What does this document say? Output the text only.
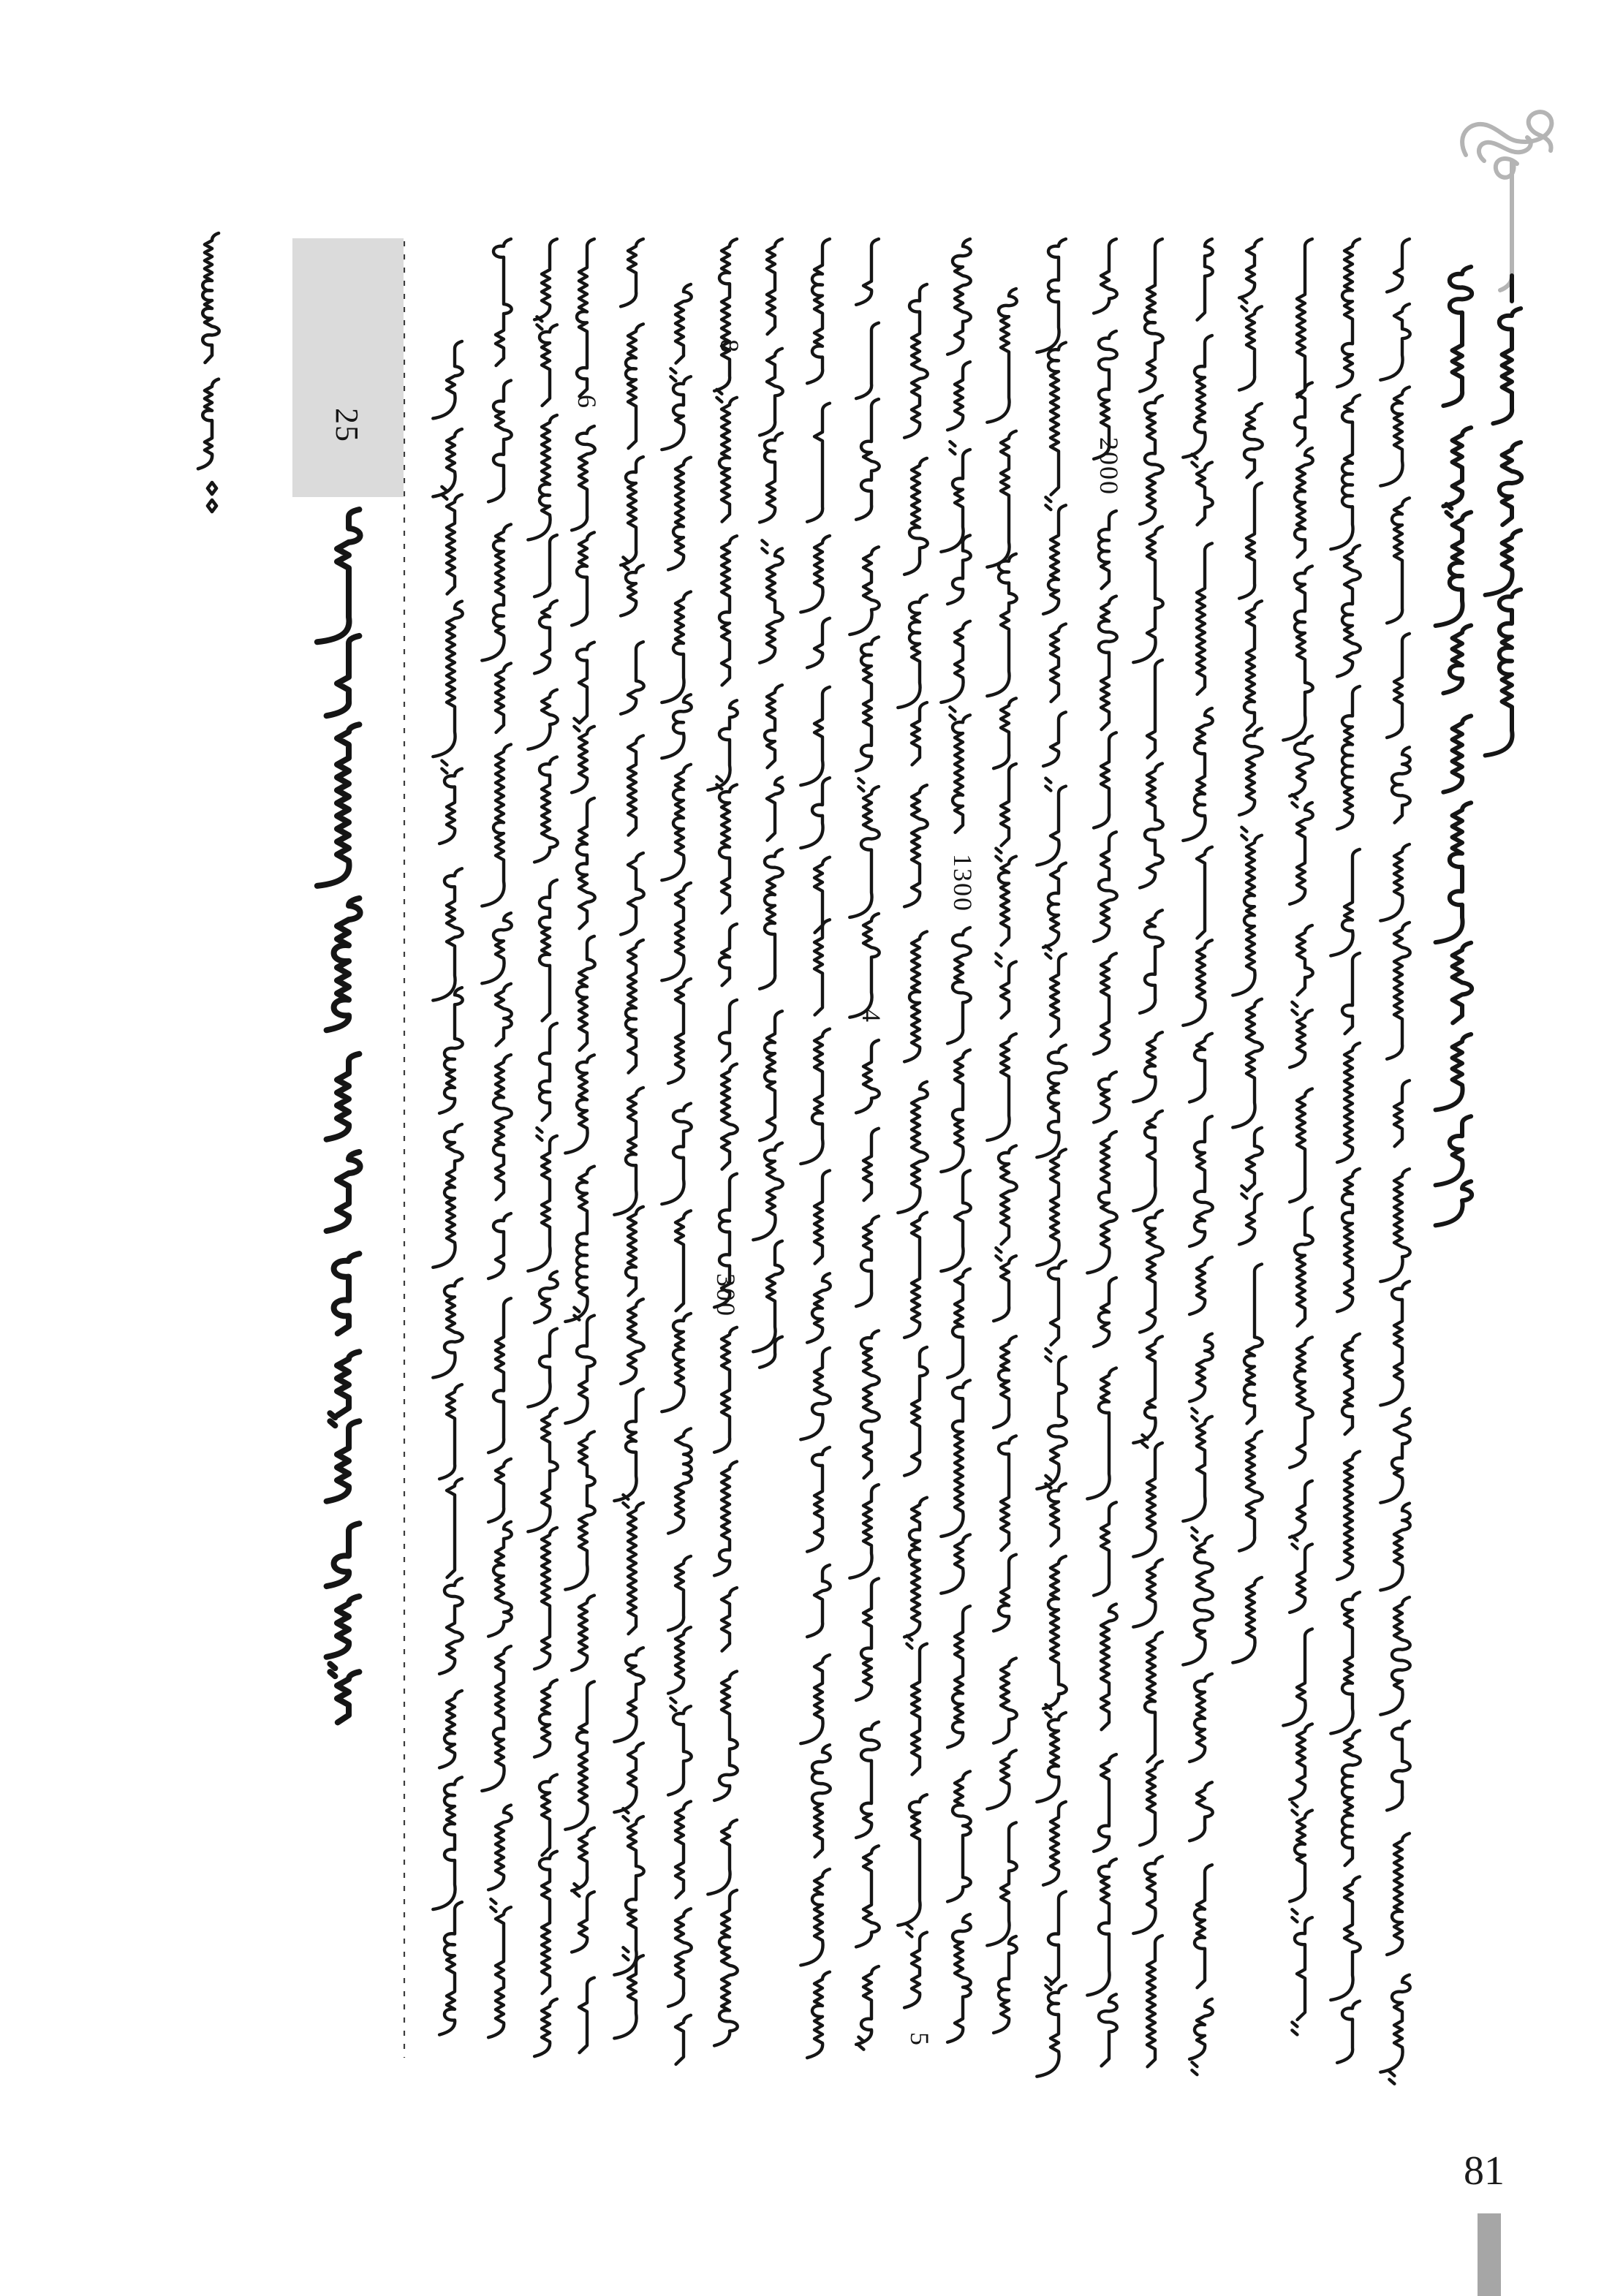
25
81
8
6
2000
1300
4
300
5
